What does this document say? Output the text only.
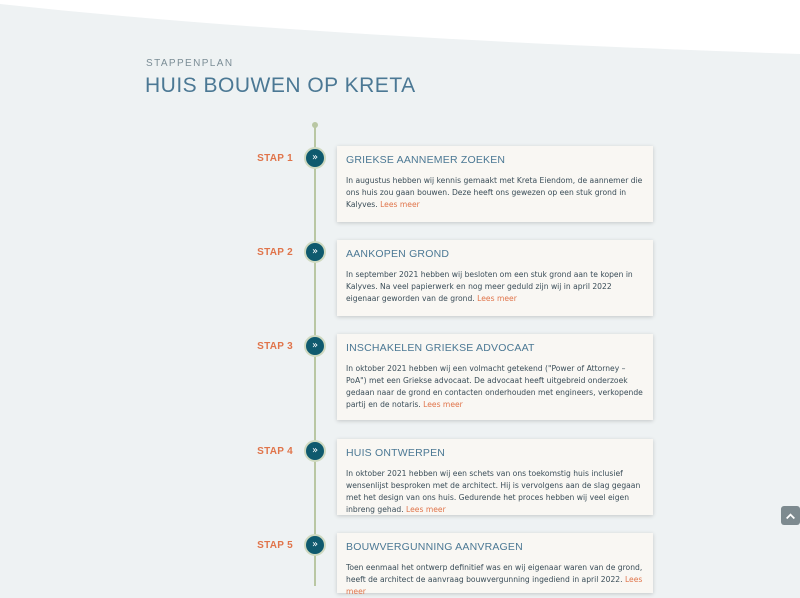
STAPPENPLAN
HUIS BOUWEN OP KRETA
STAP 1	»	GRIEKSE AANNEMER ZOEKEN

In augustus hebben wij kennis gemaakt met Kreta Eiendom, de aannemer die ons huis zou gaan bouwen. Deze heeft ons gewezen op een stuk grond in Kalyves. Lees meer

STAP 2	»	AANKOPEN GROND

In september 2021 hebben wij besloten om een stuk grond aan te kopen in Kalyves. Na veel papierwerk en nog meer geduld zijn wij in april 2022 eigenaar geworden van de grond. Lees meer

STAP 3	»	INSCHAKELEN GRIEKSE ADVOCAAT

In oktober 2021 hebben wij een volmacht getekend ("Power of Attorney – PoA") met een Griekse advocaat. De advocaat heeft uitgebreid onderzoek gedaan naar de grond en contacten onderhouden met engineers, verkopende partij en de notaris. Lees meer

STAP 4	»	HUIS ONTWERPEN

In oktober 2021 hebben wij een schets van ons toekomstig huis inclusief wensenlijst besproken met de architect. Hij is vervolgens aan de slag gegaan met het design van ons huis. Gedurende het proces hebben wij veel eigen inbreng gehad. Lees meer

STAP 5	»	BOUWVERGUNNING AANVRAGEN

Toen eenmaal het ontwerp definitief was en wij eigenaar waren van de grond, heeft de architect de aanvraag bouwvergunning ingediend in april 2022. Lees meer
